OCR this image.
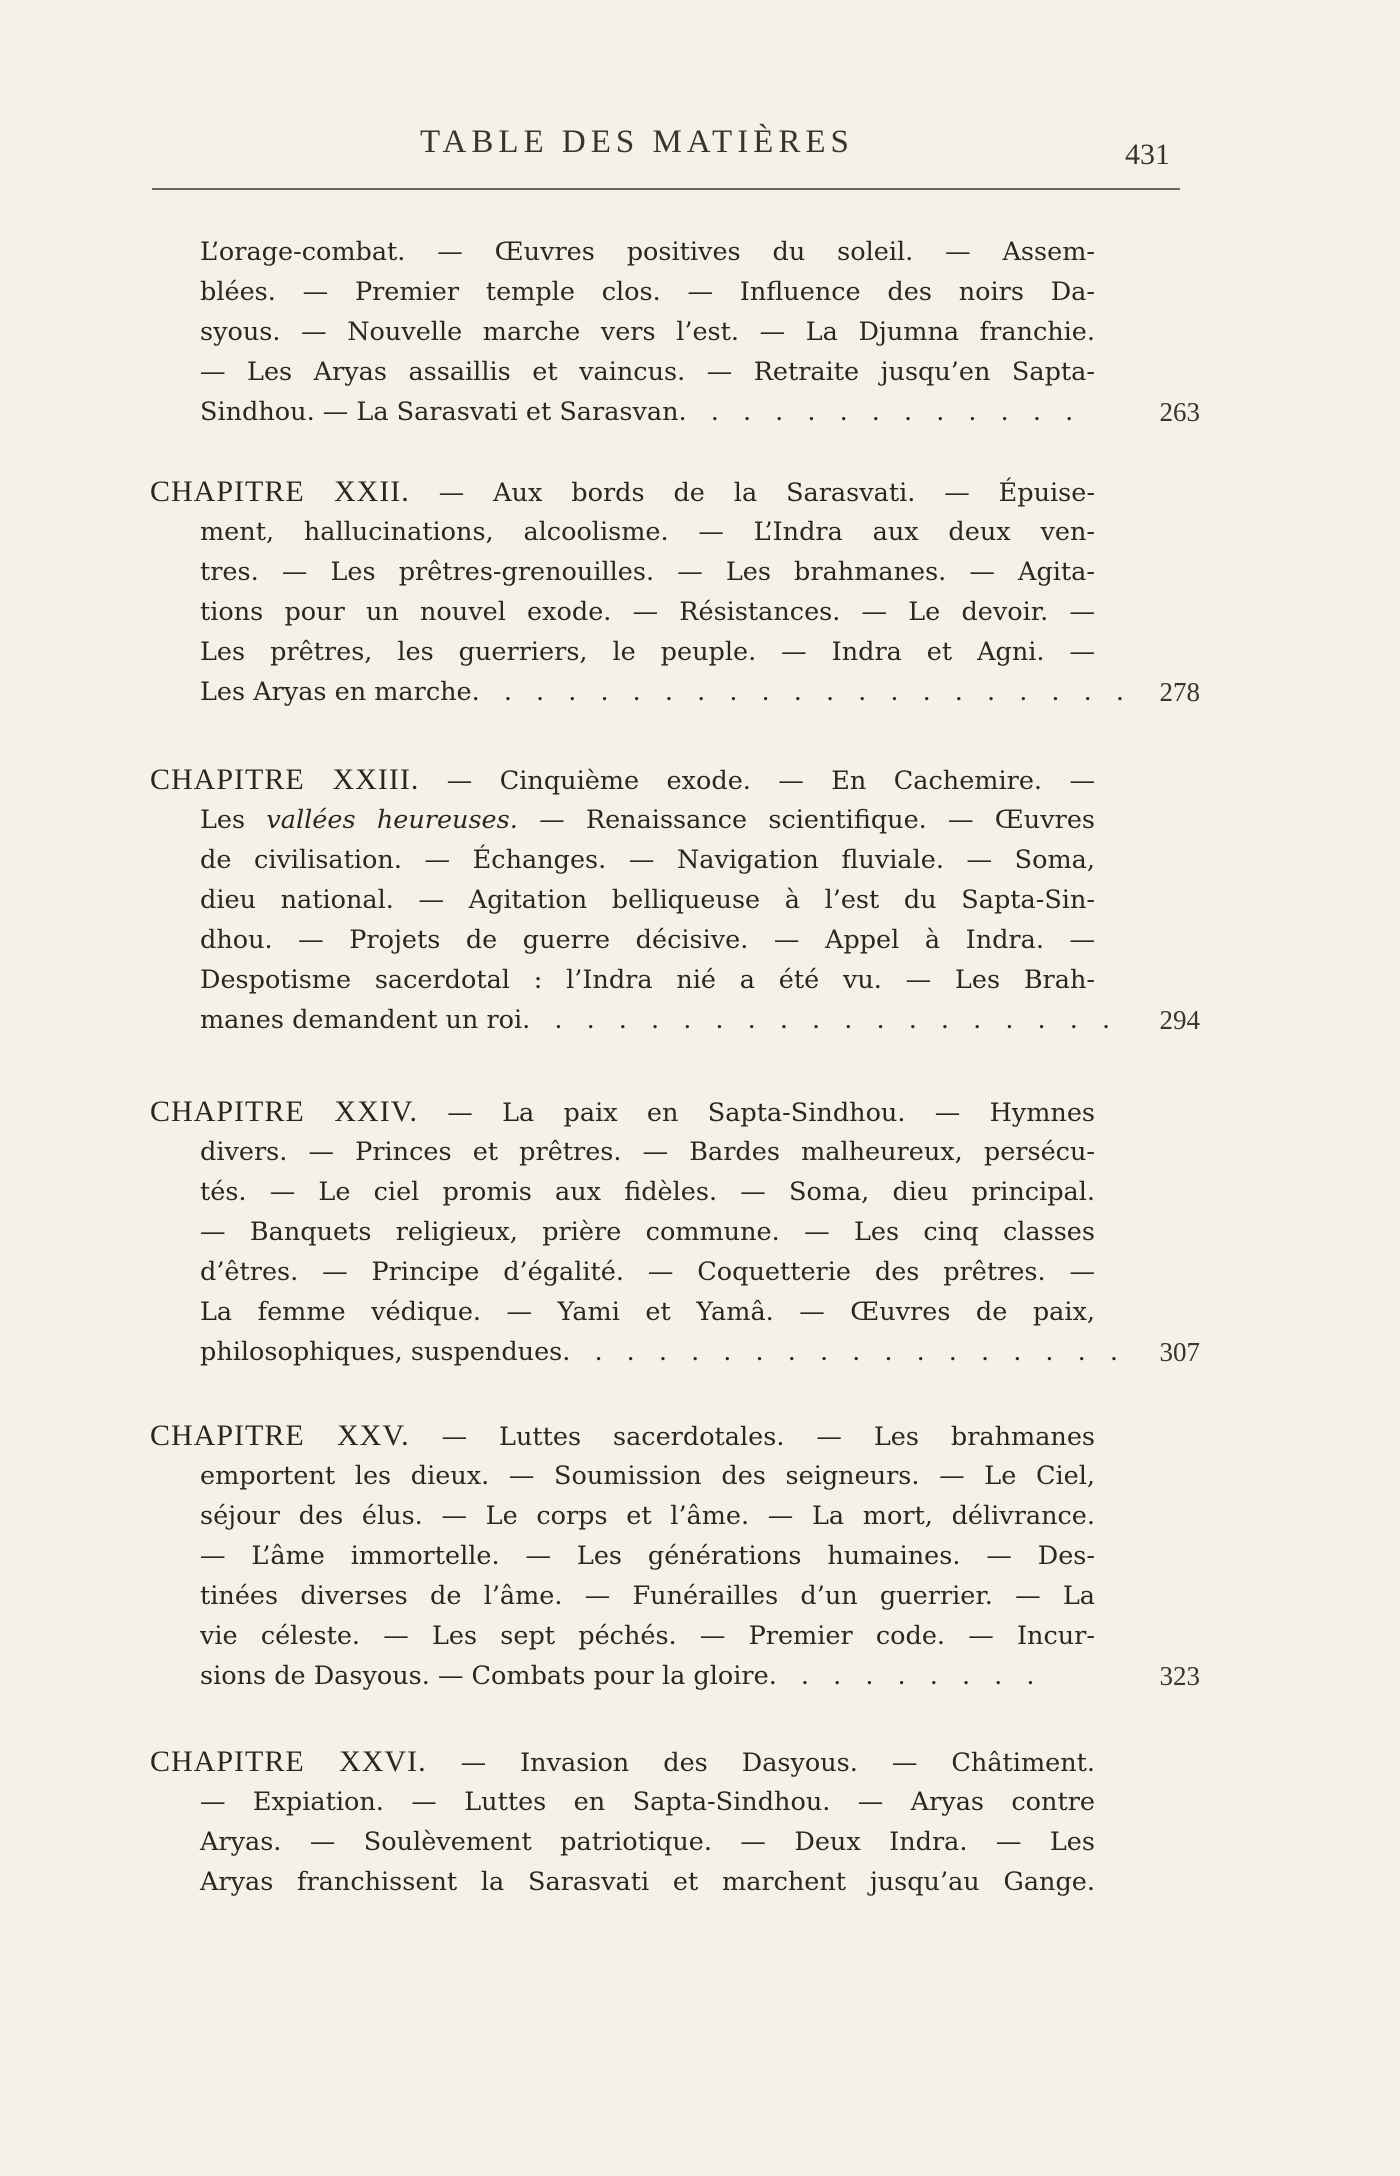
TABLE DES MATIÈRES	431
L’orage-combat. — Œuvres positives du soleil. — Assem-
blées. — Premier temple clos. — Influence des noirs Da-
syous. — Nouvelle marche vers l’est. — La Djumna franchie.
— Les Aryas assaillis et vaincus. — Retraite jusqu’en Sapta-
Sindhou. — La Sarasvati et Sarasvan. . . . . . . . . . . . .	263
CHAPITRE XXII. — Aux bords de la Sarasvati. — Épuise-
ment, hallucinations, alcoolisme. — L’Indra aux deux ven-
tres. — Les prêtres-grenouilles. — Les brahmanes. — Agita-
tions pour un nouvel exode. — Résistances. — Le devoir. —
Les prêtres, les guerriers, le peuple. — Indra et Agni. —
Les Aryas en marche. . . . . . . . . . . . . . . . . . . . . 278
CHAPITRE XXIII. — Cinquième exode. — En Cachemire. —
Les vallées heureuses. — Renaissance scientifique. — Œuvres
de civilisation. — Échanges. — Navigation fluviale. — Soma,
dieu national. — Agitation belliqueuse à l’est du Sapta-Sin-
dhou. — Projets de guerre décisive. — Appel à Indra. —
Despotisme sacerdotal : l’Indra nié a été vu. — Les Brah-
manes demandent un roi. . . . . . . . . . . . . . . . . . . 294
CHAPITRE XXIV. — La paix en Sapta-Sindhou. — Hymnes
divers. — Princes et prêtres. — Bardes malheureux, persécu-
tés. — Le ciel promis aux fidèles. — Soma, dieu principal.
— Banquets religieux, prière commune. — Les cinq classes
d’êtres. — Principe d’égalité. — Coquetterie des prêtres. —
La femme védique. — Yami et Yamâ. — Œuvres de paix,
philosophiques, suspendues. . . . . . . . . . . . . . . . . . 307
CHAPITRE XXV. — Luttes sacerdotales. — Les brahmanes
emportent les dieux. — Soumission des seigneurs. — Le Ciel,
séjour des élus. — Le corps et l’âme. — La mort, délivrance.
— L’âme immortelle. — Les générations humaines. — Des-
tinées diverses de l’âme. — Funérailles d’un guerrier. — La
vie céleste. — Les sept péchés. — Premier code. — Incur-
sions de Dasyous. — Combats pour la gloire. . . . . . . . .	323
CHAPITRE XXVI. — Invasion des Dasyous. — Châtiment.
— Expiation. — Luttes en Sapta-Sindhou. — Aryas contre
Aryas. — Soulèvement patriotique. — Deux Indra. — Les
Aryas franchissent la Sarasvati et marchent jusqu’au Gange.
